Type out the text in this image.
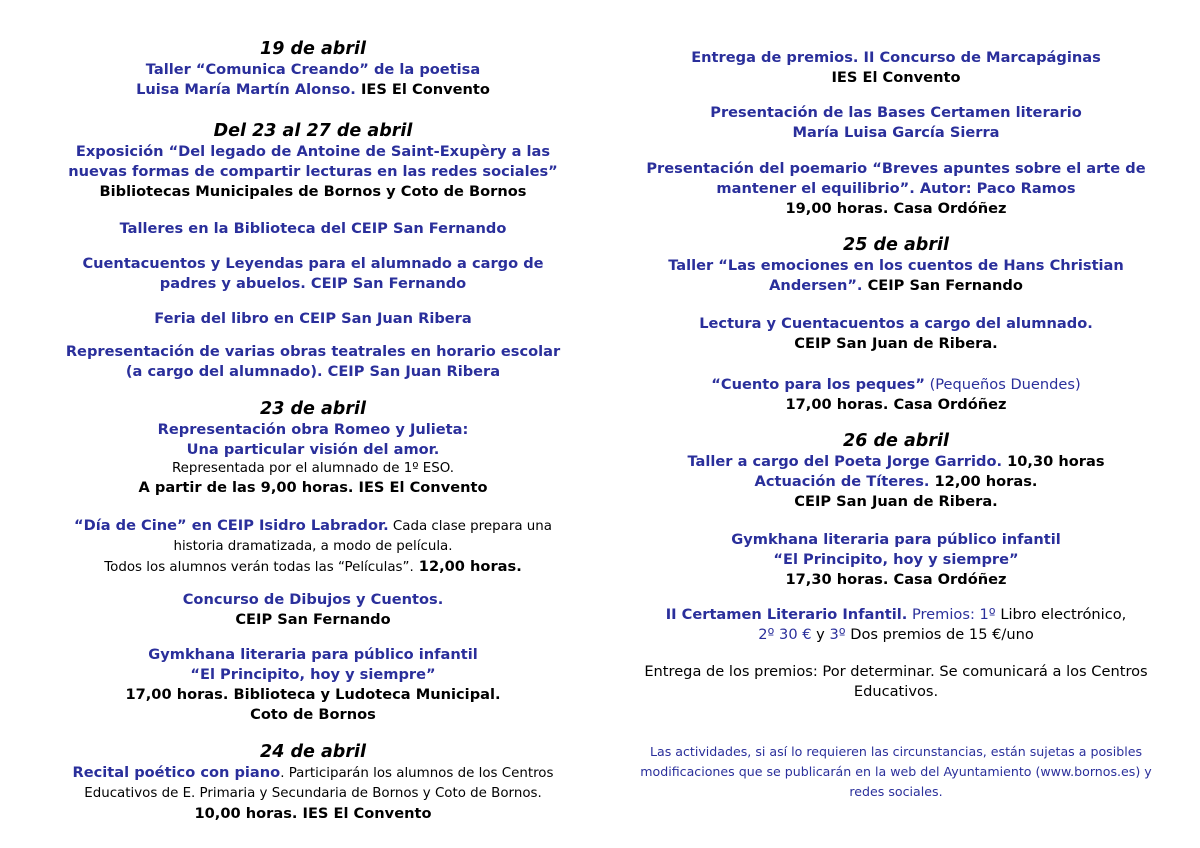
19 de abril
Taller “Comunica Creando” de la poetisa
Luisa María Martín Alonso. IES El Convento
Del 23 al 27 de abril
Exposición “Del legado de Antoine de Saint-Exupèry a las
nuevas formas de compartir lecturas en las redes sociales”
Bibliotecas Municipales de Bornos y Coto de Bornos
Talleres en la Biblioteca del CEIP San Fernando
Cuentacuentos y Leyendas para el alumnado a cargo de
padres y abuelos. CEIP San Fernando
Feria del libro en CEIP San Juan Ribera
Representación de varias obras teatrales en horario escolar
(a cargo del alumnado). CEIP San Juan Ribera
23 de abril
Representación obra Romeo y Julieta:
Una particular visión del amor.
Representada por el alumnado de 1º ESO.
A partir de las 9,00 horas. IES El Convento
“Día de Cine” en CEIP Isidro Labrador. Cada clase prepara una
historia dramatizada, a modo de película.
Todos los alumnos verán todas las “Películas”. 12,00 horas.
Concurso de Dibujos y Cuentos.
CEIP San Fernando
Gymkhana literaria para público infantil
“El Principito, hoy y siempre”
17,00 horas. Biblioteca y Ludoteca Municipal.
Coto de Bornos
24 de abril
Recital poético con piano. Participarán los alumnos de los Centros
Educativos de E. Primaria y Secundaria de Bornos y Coto de Bornos.
10,00 horas. IES El Convento
Entrega de premios. II Concurso de Marcapáginas
IES El Convento
Presentación de las Bases Certamen literario
María Luisa García Sierra
Presentación del poemario “Breves apuntes sobre el arte de
mantener el equilibrio”. Autor: Paco Ramos
19,00 horas. Casa Ordóñez
25 de abril
Taller “Las emociones en los cuentos de Hans Christian
Andersen”. CEIP San Fernando
Lectura y Cuentacuentos a cargo del alumnado.
CEIP San Juan de Ribera.
“Cuento para los peques” (Pequeños Duendes)
17,00 horas. Casa Ordóñez
26 de abril
Taller a cargo del Poeta Jorge Garrido. 10,30 horas
Actuación de Títeres. 12,00 horas.
CEIP San Juan de Ribera.
Gymkhana literaria para público infantil
“El Principito, hoy y siempre”
17,30 horas. Casa Ordóñez
II Certamen Literario Infantil. Premios: 1º Libro electrónico,
2º 30 € y 3º Dos premios de 15 €/uno
Entrega de los premios: Por determinar. Se comunicará a los Centros
Educativos.
Las actividades, si así lo requieren las circunstancias, están sujetas a posibles
modificaciones que se publicarán en la web del Ayuntamiento (www.bornos.es) y
redes sociales.
